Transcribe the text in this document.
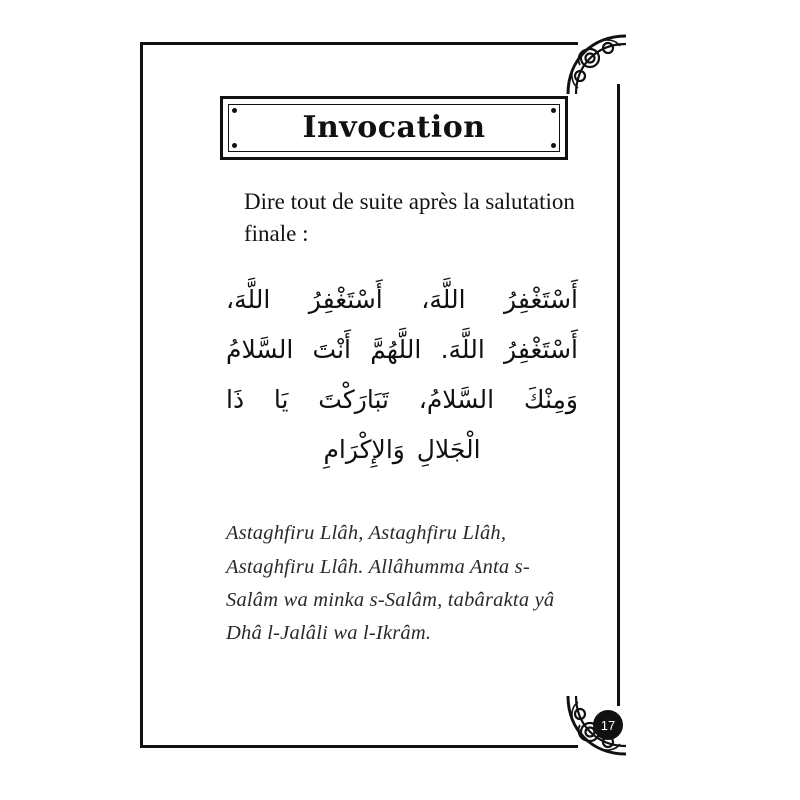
17
Invocation

Dire tout de suite après la salutation finale :

أَسْتَغْفِرُ اللَّهَ، أَسْتَغْفِرُ اللَّهَ، أَسْتَغْفِرُ اللَّهَ. اللَّهُمَّ أَنْتَ السَّلامُ وَمِنْكَ السَّلامُ، تَبَارَكْتَ يَا ذَا الْجَلالِ وَالإِكْرَامِ

Astaghfiru Llâh, Astaghfiru Llâh, Astaghfiru Llâh. Allâhumma Anta s-Salâm wa minka s-Salâm, tabârakta yâ Dhâ l-Jalâli wa l-Ikrâm.
